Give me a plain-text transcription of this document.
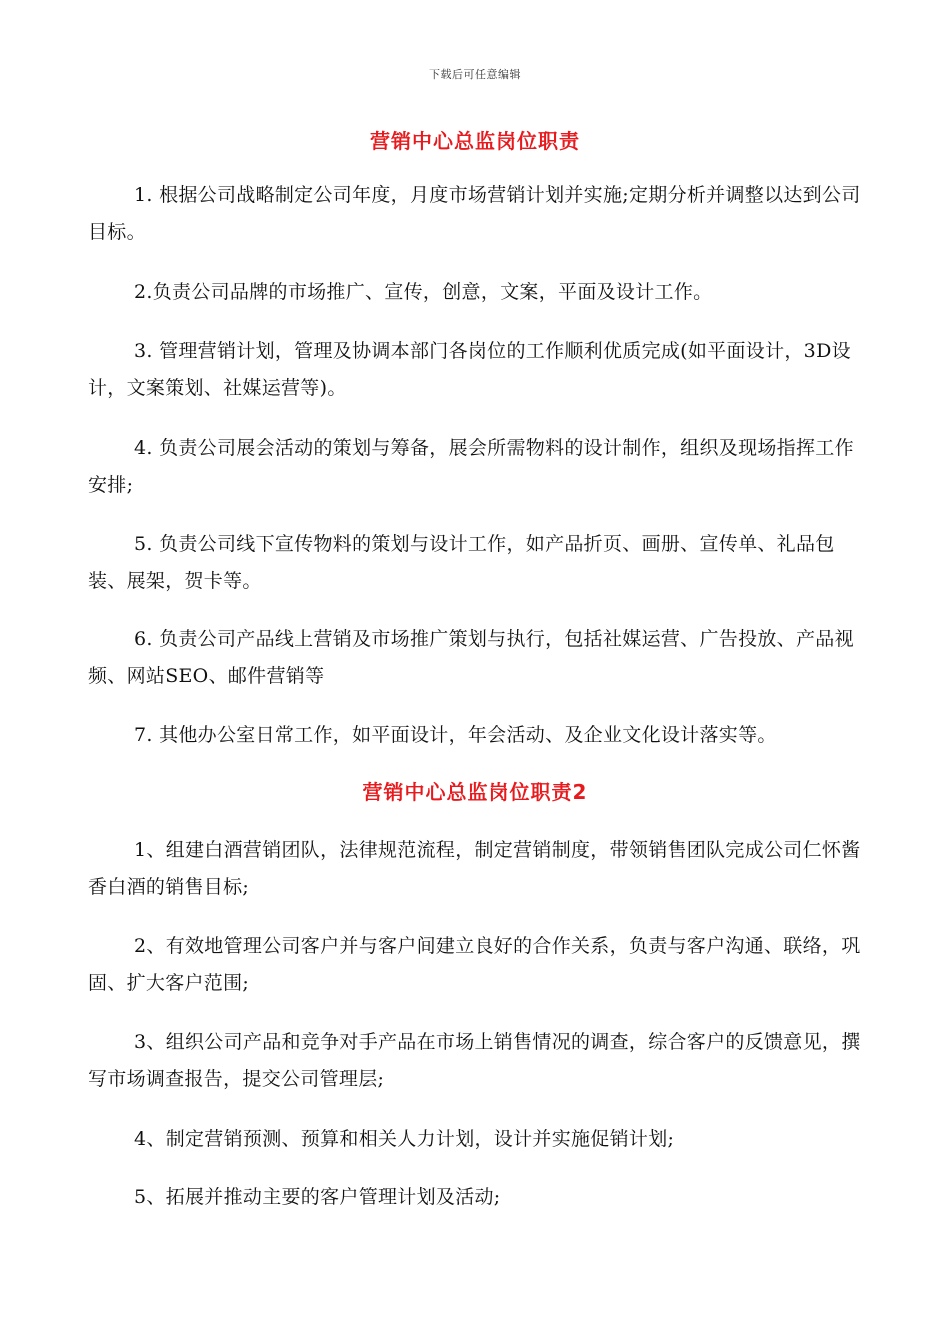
下载后可任意编辑
营销中心总监岗位职责
1. 根据公司战略制定公司年度，月度市场营销计划并实施;定期分析并调整以达到公司目标。
2.负责公司品牌的市场推广、宣传，创意，文案，平面及设计工作。
3. 管理营销计划，管理及协调本部门各岗位的工作顺利优质完成(如平面设计，3D设计，文案策划、社媒运营等)。
4. 负责公司展会活动的策划与筹备，展会所需物料的设计制作，组织及现场指挥工作安排;
5. 负责公司线下宣传物料的策划与设计工作，如产品折页、画册、宣传单、礼品包装、展架，贺卡等。
6. 负责公司产品线上营销及市场推广策划与执行，包括社媒运营、广告投放、产品视频、网站SEO、邮件营销等
7. 其他办公室日常工作，如平面设计，年会活动、及企业文化设计落实等。
营销中心总监岗位职责2
1、组建白酒营销团队，法律规范流程，制定营销制度，带领销售团队完成公司仁怀酱香白酒的销售目标;
2、有效地管理公司客户并与客户间建立良好的合作关系，负责与客户沟通、联络，巩固、扩大客户范围;
3、组织公司产品和竞争对手产品在市场上销售情况的调查，综合客户的反馈意见，撰写市场调查报告，提交公司管理层;
4、制定营销预测、预算和相关人力计划，设计并实施促销计划;
5、拓展并推动主要的客户管理计划及活动;
